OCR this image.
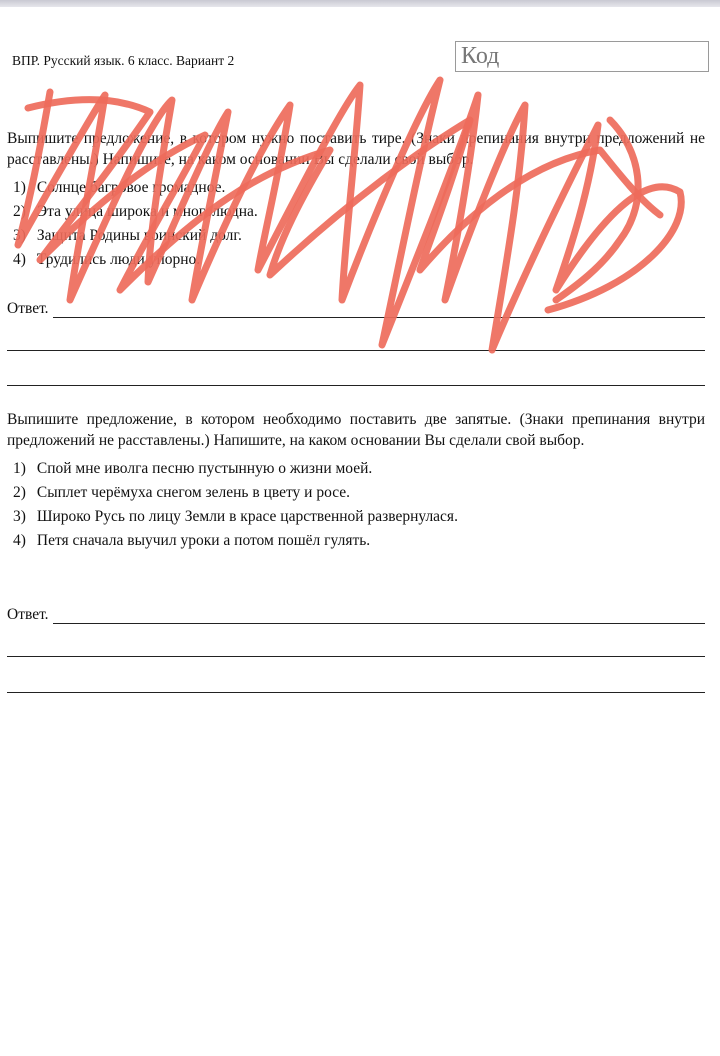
ВПР. Русский язык. 6 класс. Вариант 2	Код
Выпишите предложение, в котором нужно поставить тире. (Знаки препинания внутри предложений не расставлены.) Напишите, на каком основании Вы сделали свой выбор.
1) Солнце багровое громадное.
2) Эта улица широка и многолюдна.
3) Защита Родины воинский долг.
4) Трудились люди упорно.
Ответ.
Выпишите предложение, в котором необходимо поставить две запятые. (Знаки препинания внутри предложений не расставлены.) Напишите, на каком основании Вы сделали свой выбор.
1) Спой мне иволга песню пустынную о жизни моей.
2) Сыплет черёмуха снегом зелень в цвету и росе.
3) Широко Русь по лицу Земли в красе царственной развернулася.
4) Петя сначала выучил уроки а потом пошёл гулять.
Ответ.
